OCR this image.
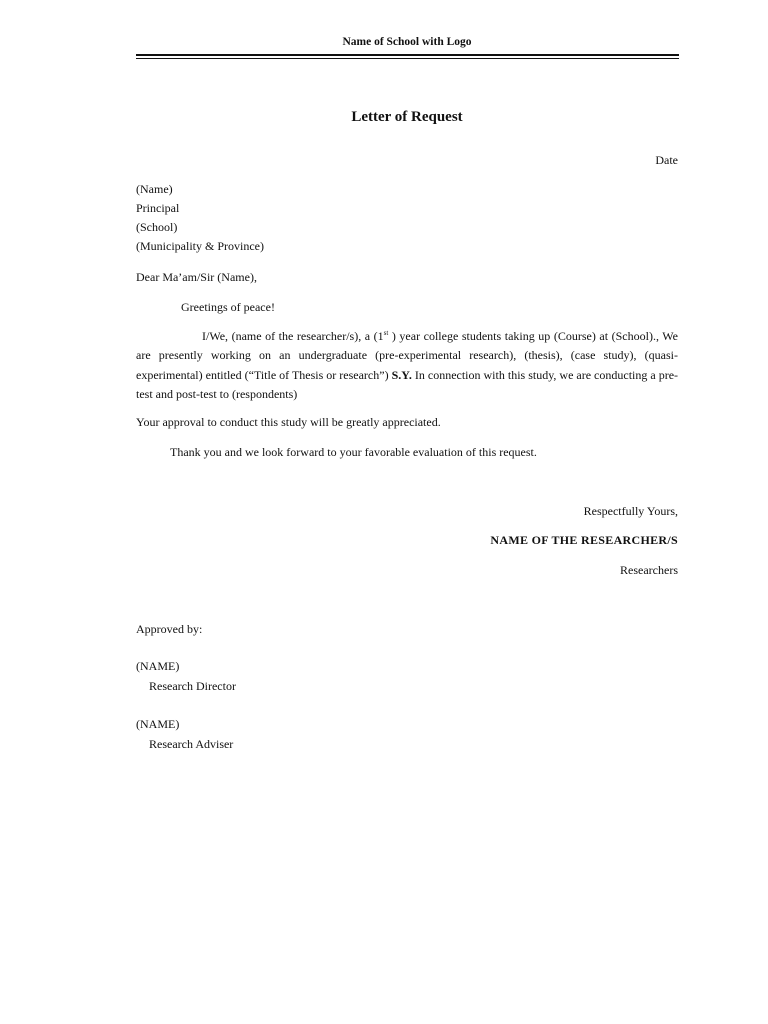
Name of School with Logo
Letter of Request
Date
(Name)
Principal
(School)
(Municipality & Province)
Dear Ma’am/Sir (Name),
Greetings of peace!
I/We, (name of the researcher/s), a (1st ) year college students taking up (Course) at (School)., We are presently working on an undergraduate (pre-experimental research), (thesis), (case study), (quasi-experimental) entitled (“Title of Thesis or research”) S.Y. In connection with this study, we are conducting a pre-test and post-test to (respondents)
Your approval to conduct this study will be greatly appreciated.
Thank you and we look forward to your favorable evaluation of this request.
Respectfully Yours,
NAME OF THE RESEARCHER/S
Researchers
Approved by:
(NAME)
Research Director
(NAME)
Research Adviser
